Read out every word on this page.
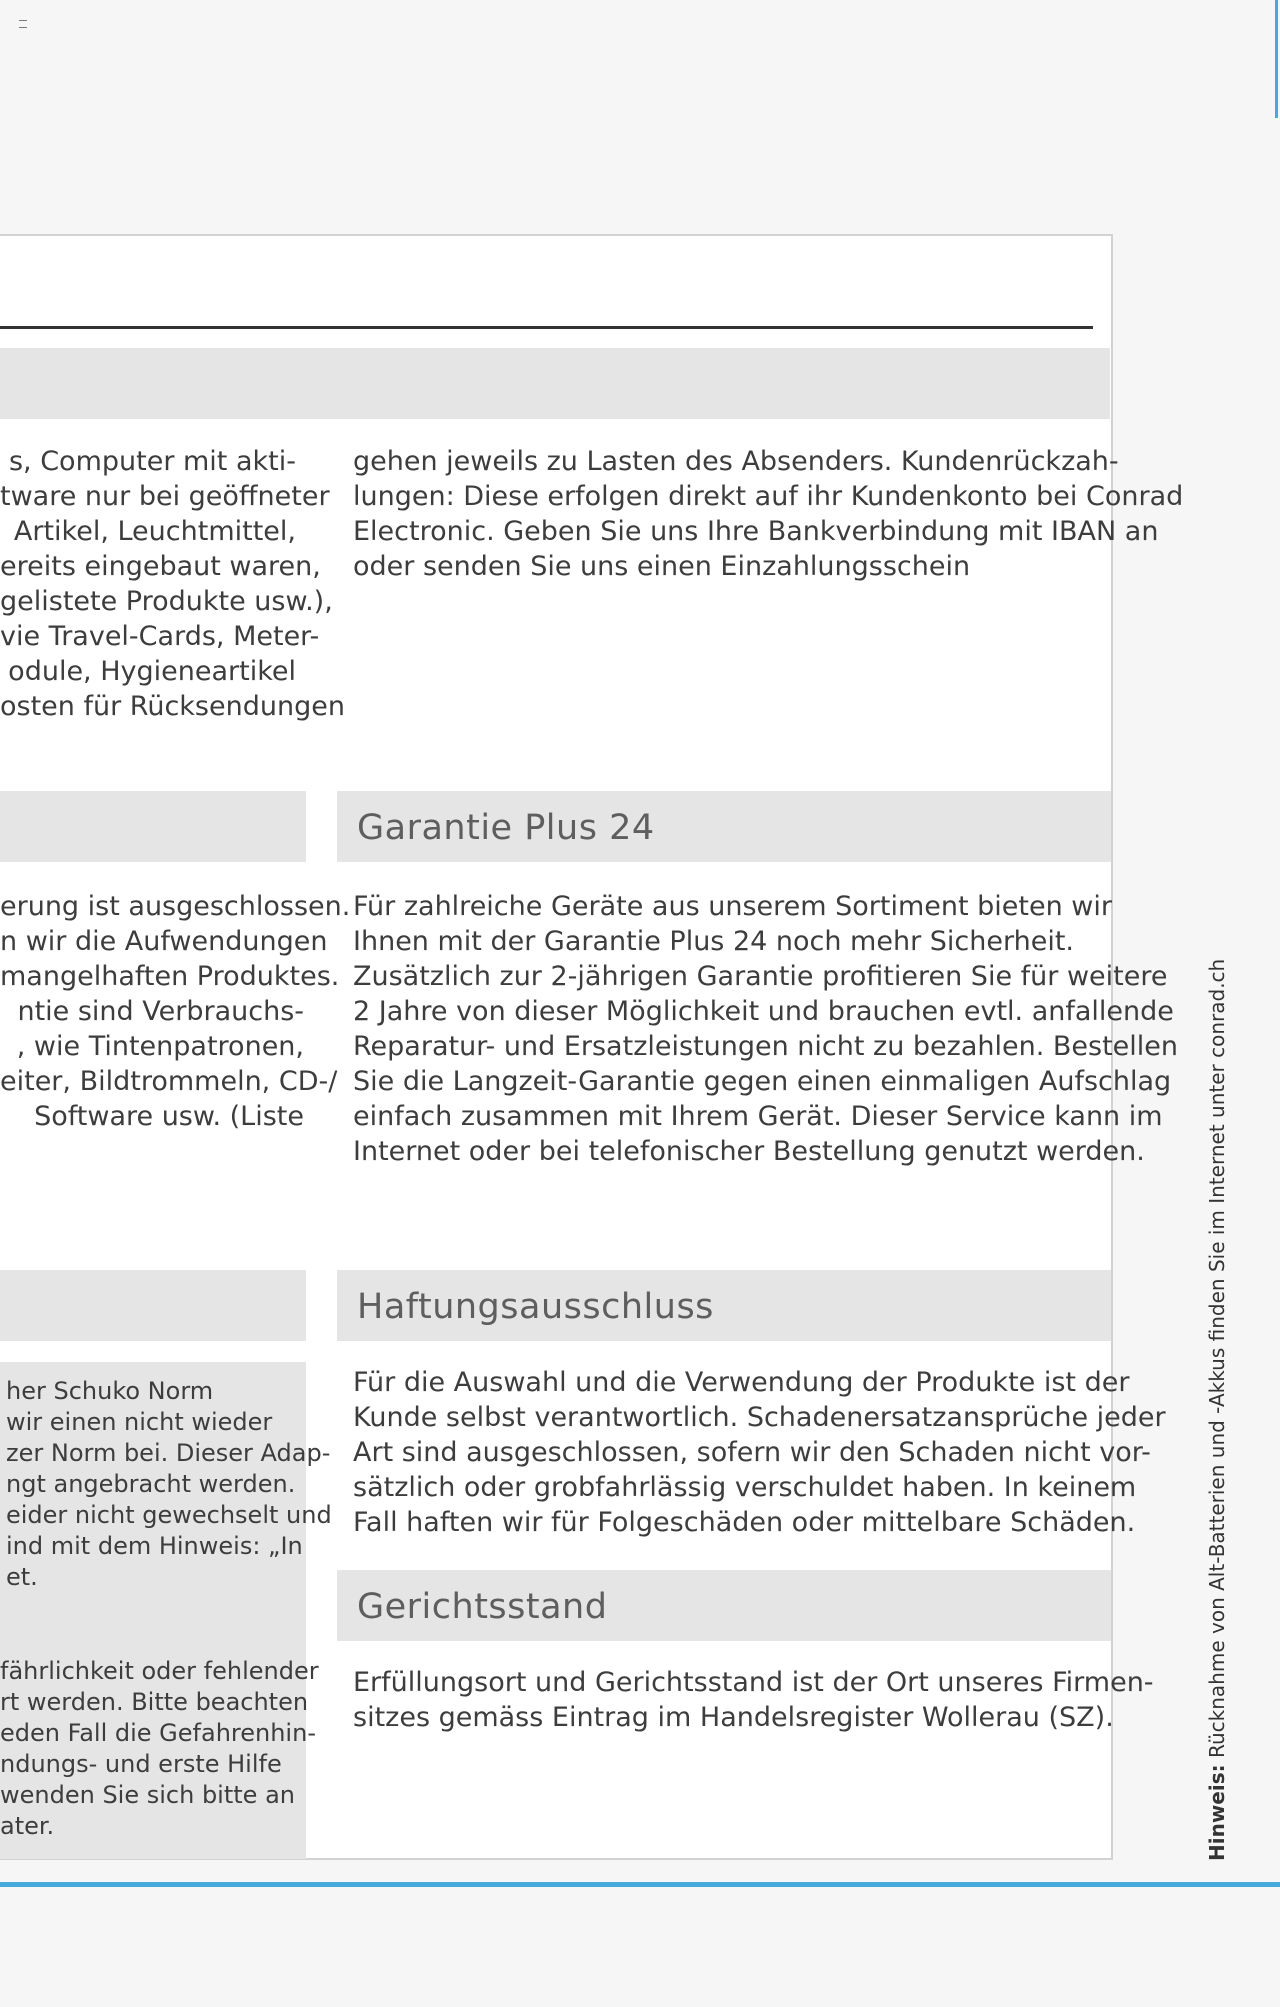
s, Computer mit akti-
tware nur bei geöffneter
Artikel, Leuchtmittel,
ereits eingebaut waren,
gelistete Produkte usw.),
vie Travel-Cards, Meter-
odule, Hygieneartikel
osten für Rücksendungen
gehen jeweils zu Lasten des Absenders. Kundenrückzah-
lungen: Diese erfolgen direkt auf ihr Kundenkonto bei Conrad
Electronic. Geben Sie uns Ihre Bankverbindung mit IBAN an
oder senden Sie uns einen Einzahlungsschein
Garantie Plus 24
erung ist ausgeschlossen.
n wir die Aufwendungen
mangelhaften Produktes.
ntie sind Verbrauchs-
, wie Tintenpatronen,
eiter, Bildtrommeln, CD-/
Software usw. (Liste
Für zahlreiche Geräte aus unserem Sortiment bieten wir
Ihnen mit der Garantie Plus 24 noch mehr Sicherheit.
Zusätzlich zur 2-jährigen Garantie profitieren Sie für weitere
2 Jahre von dieser Möglichkeit und brauchen evtl. anfallende
Reparatur- und Ersatzleistungen nicht zu bezahlen. Bestellen
Sie die Langzeit-Garantie gegen einen einmaligen Aufschlag
einfach zusammen mit Ihrem Gerät. Dieser Service kann im
Internet oder bei telefonischer Bestellung genutzt werden.
Haftungsausschluss
her Schuko Norm
wir einen nicht wieder
zer Norm bei. Dieser Adap-
ngt angebracht werden.
eider nicht gewechselt und
ind mit dem Hinweis: „In
et.
fährlichkeit oder fehlender
rt werden. Bitte beachten
eden Fall die Gefahrenhin-
ndungs- und erste Hilfe
wenden Sie sich bitte an
ater.
Für die Auswahl und die Verwendung der Produkte ist der
Kunde selbst verantwortlich. Schadenersatzansprüche jeder
Art sind ausgeschlossen, sofern wir den Schaden nicht vor-
sätzlich oder grobfahrlässig verschuldet haben. In keinem
Fall haften wir für Folgeschäden oder mittelbare Schäden.
Gerichtsstand
Erfüllungsort und Gerichtsstand ist der Ort unseres Firmen-
sitzes gemäss Eintrag im Handelsregister Wollerau (SZ).
Hinweis: Rücknahme von Alt-Batterien und -Akkus finden Sie im Internet unter conrad.ch
